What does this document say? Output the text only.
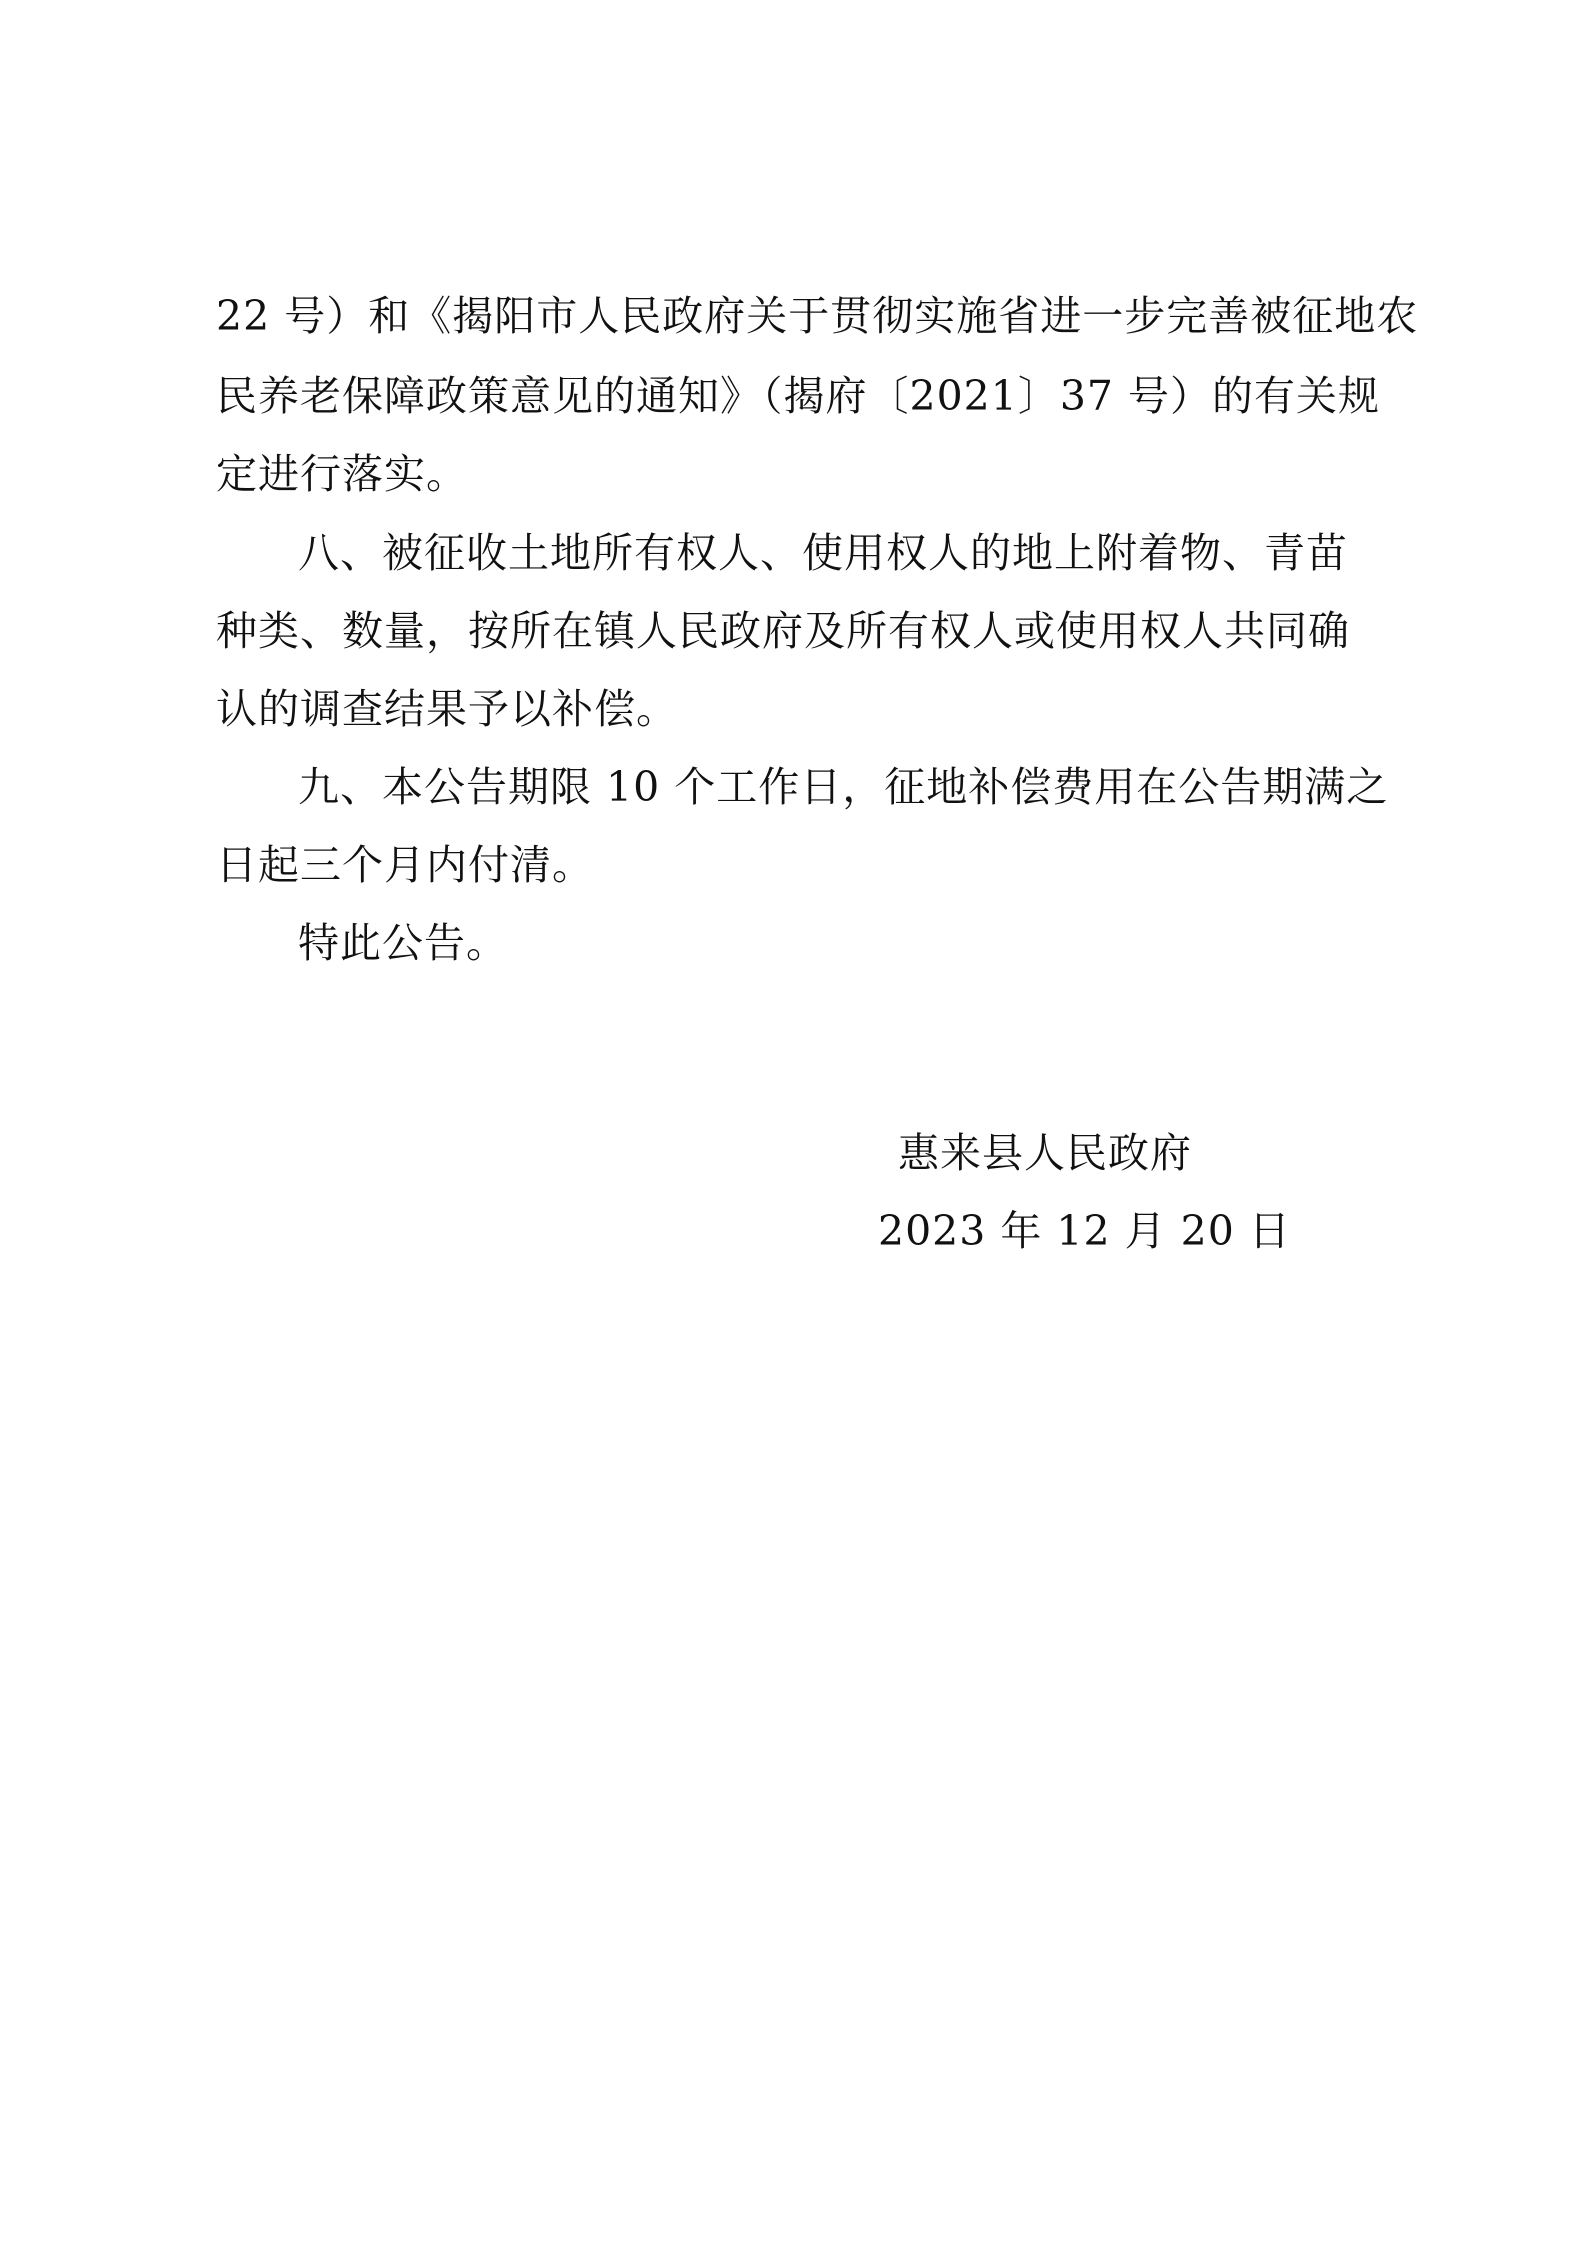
22 号）和《揭阳市人民政府关于贯彻实施省进一步完善被征地农
民养老保障政策意见的通知》（揭府〔2021〕37 号）的有关规
定进行落实。
八、被征收土地所有权人、使用权人的地上附着物、青苗
种类、数量，按所在镇人民政府及所有权人或使用权人共同确
认的调查结果予以补偿。
九、本公告期限 10 个工作日，征地补偿费用在公告期满之
日起三个月内付清。
特此公告。
惠来县人民政府
2023 年 12 月 20 日
